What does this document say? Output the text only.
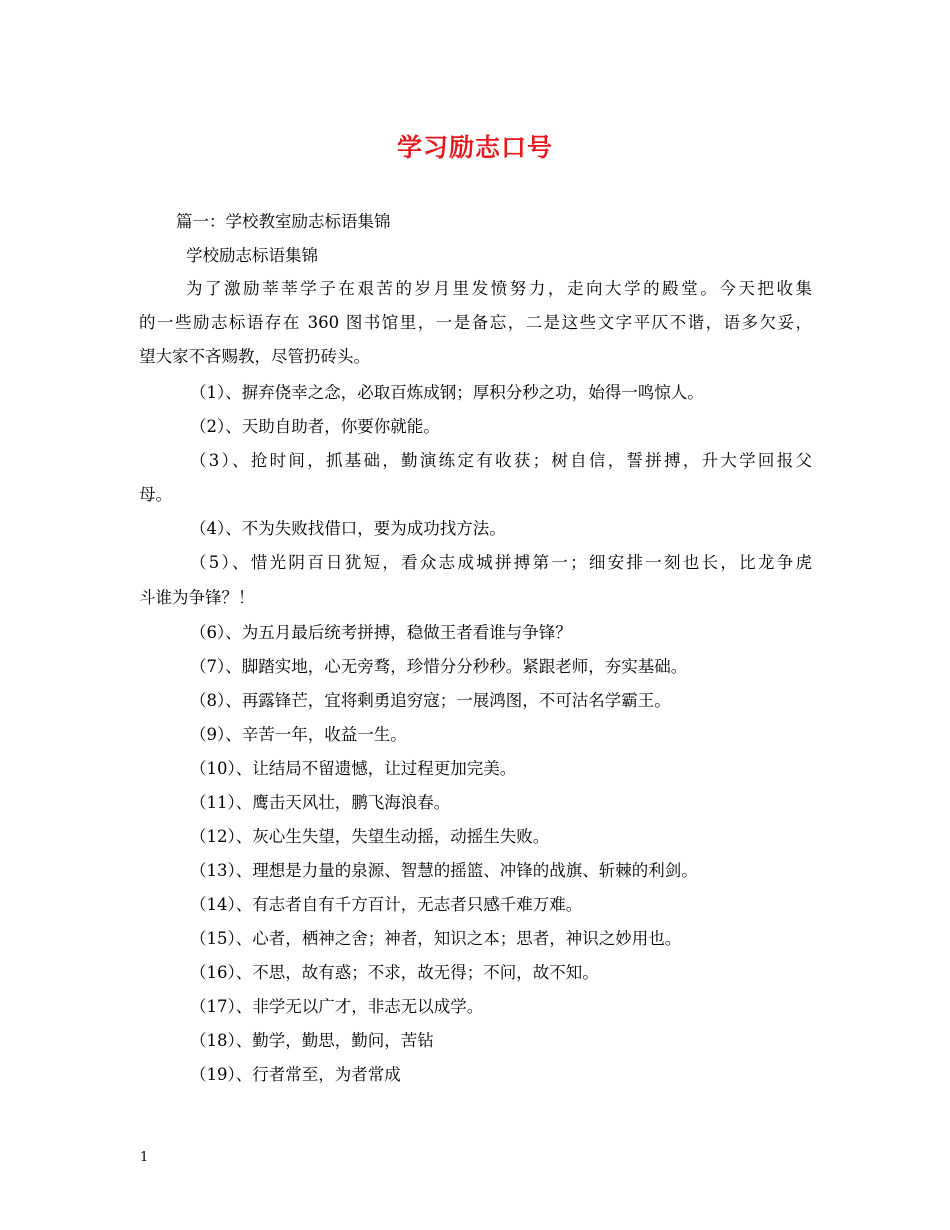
学习励志口号
篇一：学校教室励志标语集锦
学校励志标语集锦
为了激励莘莘学子在艰苦的岁月里发愤努力，走向大学的殿堂。今天把收集
的一些励志标语存在 360 图书馆里，一是备忘，二是这些文字平仄不谐，语多欠妥，
望大家不吝赐教，尽管扔砖头。
（1）、摒弃侥幸之念，必取百炼成钢；厚积分秒之功，始得一鸣惊人。
（2）、天助自助者，你要你就能。
（3）、抢时间，抓基础，勤演练定有收获；树自信，誓拼搏，升大学回报父
母。
（4）、不为失败找借口，要为成功找方法。
（5）、惜光阴百日犹短，看众志成城拼搏第一；细安排一刻也长，比龙争虎
斗谁为争锋？！
（6）、为五月最后统考拼搏，稳做王者看谁与争锋？
（7）、脚踏实地，心无旁骛，珍惜分分秒秒。紧跟老师，夯实基础。
（8）、再露锋芒，宜将剩勇追穷寇；一展鸿图，不可沽名学霸王。
（9）、辛苦一年，收益一生。
（10）、让结局不留遗憾，让过程更加完美。
（11）、鹰击天风壮，鹏飞海浪春。
（12）、灰心生失望，失望生动摇，动摇生失败。
（13）、理想是力量的泉源、智慧的摇篮、冲锋的战旗、斩棘的利剑。
（14）、有志者自有千方百计，无志者只感千难万难。
（15）、心者，栖神之舍；神者，知识之本；思者，神识之妙用也。
（16）、不思，故有惑；不求，故无得；不问，故不知。
（17）、非学无以广才，非志无以成学。
（18）、勤学，勤思，勤问，苦钻
（19）、行者常至，为者常成
1
